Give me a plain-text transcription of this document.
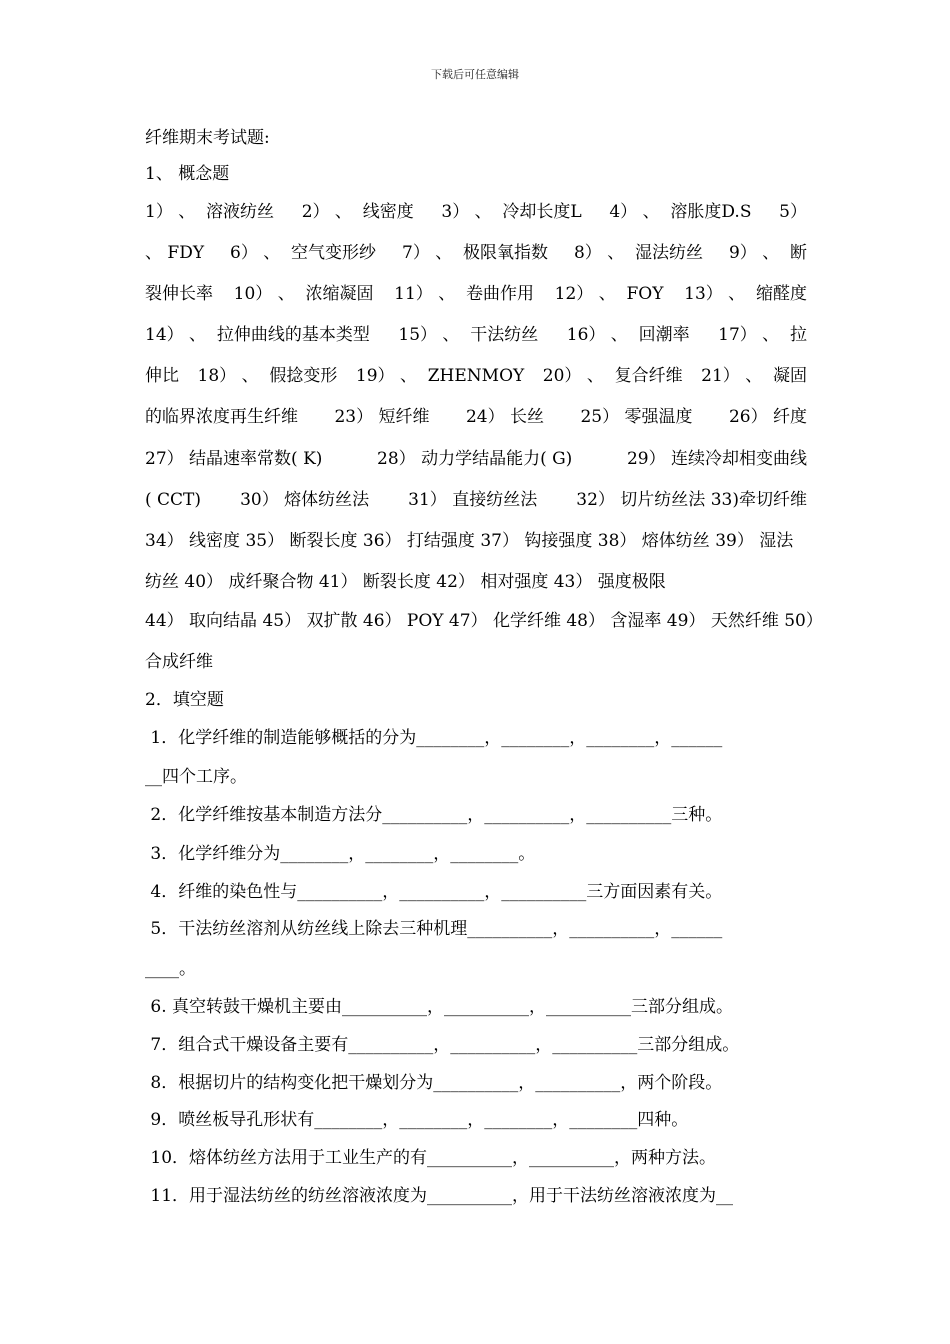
下载后可任意编辑
纤维期末考试题:
1、 概念题
1） 、  溶液纺丝 2） 、  线密度 3） 、  冷却长度L 4） 、  溶胀度D.S 5）
、 FDY 6） 、  空气变形纱 7） 、  极限氧指数 8） 、  湿法纺丝 9） 、  断
裂伸长率 10） 、  浓缩凝固 11） 、  卷曲作用 12） 、  FOY 13） 、  缩醛度
14） 、  拉伸曲线的基本类型 15） 、  干法纺丝 16） 、  回潮率 17） 、  拉
伸比 18） 、  假捻变形 19） 、  ZHENMOY 20） 、  复合纤维 21） 、  凝固
的临界浓度再生纤维 23） 短纤维 24） 长丝 25） 零强温度 26） 纤度
27） 结晶速率常数( K)	28） 动力学结晶能力( G)	29） 连续冷却相变曲线
( CCT) 30） 熔体纺丝法 31） 直接纺丝法 32） 切片纺丝法 33)牵切纤维
34） 线密度 35） 断裂长度 36） 打结强度 37） 钩接强度 38） 熔体纺丝 39） 湿法
纺丝 40） 成纤聚合物 41） 断裂长度 42） 相对强度 43） 强度极限
44） 取向结晶 45） 双扩散 46） POY 47） 化学纤维 48） 含湿率 49） 天然纤维 50）
合成纤维
2．填空题
1．化学纤维的制造能够概括的分为________，________，________，______
__四个工序。
2．化学纤维按基本制造方法分__________，__________，__________三种。
3．化学纤维分为________，________，________。
4．纤维的染色性与__________，__________，__________三方面因素有关。
5．干法纺丝溶剂从纺丝线上除去三种机理__________，__________，______
____。
6. 真空转鼓干燥机主要由__________，__________，__________三部分组成。
7．组合式干燥设备主要有__________，__________，__________三部分组成。
8．根据切片的结构变化把干燥划分为__________，__________，两个阶段。
9．喷丝板导孔形状有________，________，________，________四种。
10．熔体纺丝方法用于工业生产的有__________，__________，两种方法。
11．用于湿法纺丝的纺丝溶液浓度为__________，用于干法纺丝溶液浓度为__
